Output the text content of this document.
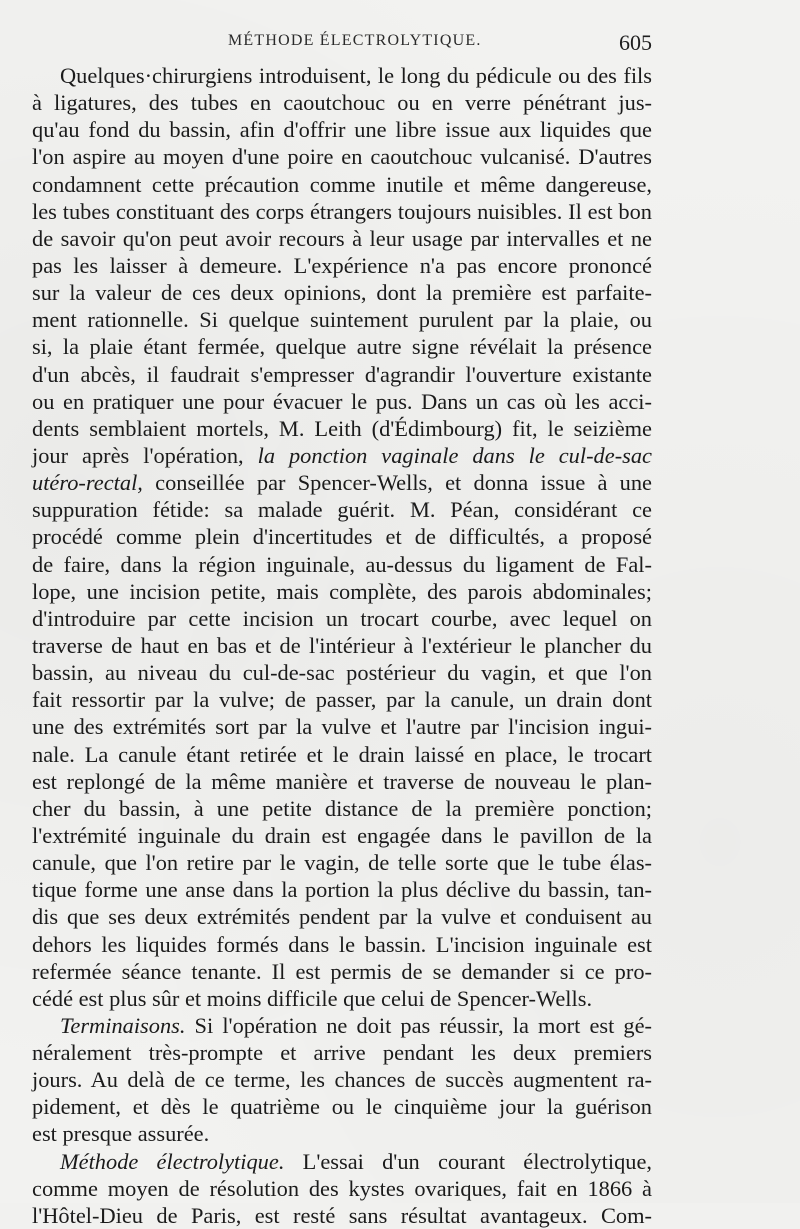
MÉTHODE ÉLECTROLYTIQUE.	605
Quelques·chirurgiens introduisent, le long du pédicule ou des fils
à ligatures, des tubes en caoutchouc ou en verre pénétrant jus-
qu'au fond du bassin, afin d'offrir une libre issue aux liquides que
l'on aspire au moyen d'une poire en caoutchouc vulcanisé. D'autres
condamnent cette précaution comme inutile et même dangereuse,
les tubes constituant des corps étrangers toujours nuisibles. Il est bon
de savoir qu'on peut avoir recours à leur usage par intervalles et ne
pas les laisser à demeure. L'expérience n'a pas encore prononcé
sur la valeur de ces deux opinions, dont la première est parfaite-
ment rationnelle. Si quelque suintement purulent par la plaie, ou
si, la plaie étant fermée, quelque autre signe révélait la présence
d'un abcès, il faudrait s'empresser d'agrandir l'ouverture existante
ou en pratiquer une pour évacuer le pus. Dans un cas où les acci-
dents semblaient mortels, M. Leith (d'Édimbourg) fit, le seizième
jour après l'opération, la ponction vaginale dans le cul-de-sac
utéro-rectal, conseillée par Spencer-Wells, et donna issue à une
suppuration fétide: sa malade guérit. M. Péan, considérant ce
procédé comme plein d'incertitudes et de difficultés, a proposé
de faire, dans la région inguinale, au-dessus du ligament de Fal-
lope, une incision petite, mais complète, des parois abdominales;
d'introduire par cette incision un trocart courbe, avec lequel on
traverse de haut en bas et de l'intérieur à l'extérieur le plancher du
bassin, au niveau du cul-de-sac postérieur du vagin, et que l'on
fait ressortir par la vulve; de passer, par la canule, un drain dont
une des extrémités sort par la vulve et l'autre par l'incision ingui-
nale. La canule étant retirée et le drain laissé en place, le trocart
est replongé de la même manière et traverse de nouveau le plan-
cher du bassin, à une petite distance de la première ponction;
l'extrémité inguinale du drain est engagée dans le pavillon de la
canule, que l'on retire par le vagin, de telle sorte que le tube élas-
tique forme une anse dans la portion la plus déclive du bassin, tan-
dis que ses deux extrémités pendent par la vulve et conduisent au
dehors les liquides formés dans le bassin. L'incision inguinale est
refermée séance tenante. Il est permis de se demander si ce pro-
cédé est plus sûr et moins difficile que celui de Spencer-Wells.
Terminaisons. Si l'opération ne doit pas réussir, la mort est gé-
néralement très-prompte et arrive pendant les deux premiers
jours. Au delà de ce terme, les chances de succès augmentent ra-
pidement, et dès le quatrième ou le cinquième jour la guérison
est presque assurée.
Méthode électrolytique. L'essai d'un courant électrolytique,
comme moyen de résolution des kystes ovariques, fait en 1866 à
l'Hôtel-Dieu de Paris, est resté sans résultat avantageux. Com-
